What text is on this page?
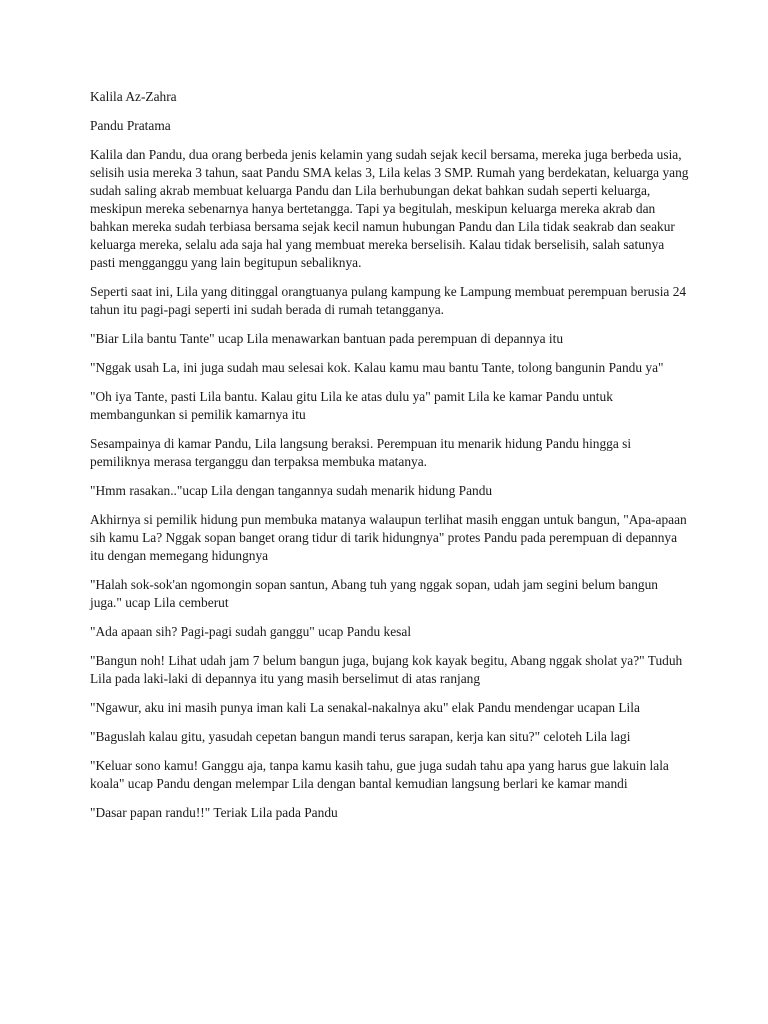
Kalila Az-Zahra

Pandu Pratama

Kalila dan Pandu, dua orang berbeda jenis kelamin yang sudah sejak kecil bersama, mereka juga berbeda usia, selisih usia mereka 3 tahun, saat Pandu SMA kelas 3, Lila kelas 3 SMP. Rumah yang berdekatan, keluarga yang sudah saling akrab membuat keluarga Pandu dan Lila berhubungan dekat bahkan sudah seperti keluarga, meskipun mereka sebenarnya hanya bertetangga. Tapi ya begitulah, meskipun keluarga mereka akrab dan bahkan mereka sudah terbiasa bersama sejak kecil namun hubungan Pandu dan Lila tidak seakrab dan seakur keluarga mereka, selalu ada saja hal yang membuat mereka berselisih. Kalau tidak berselisih, salah satunya pasti mengganggu yang lain begitupun sebaliknya.

Seperti saat ini, Lila yang ditinggal orangtuanya pulang kampung ke Lampung membuat perempuan berusia 24 tahun itu pagi-pagi seperti ini sudah berada di rumah tetangganya.

"Biar Lila bantu Tante" ucap Lila menawarkan bantuan pada perempuan di depannya itu

"Nggak usah La, ini juga sudah mau selesai kok. Kalau kamu mau bantu Tante, tolong bangunin Pandu ya"

"Oh iya Tante, pasti Lila bantu. Kalau gitu Lila ke atas dulu ya" pamit Lila ke kamar Pandu untuk membangunkan si pemilik kamarnya itu

Sesampainya di kamar Pandu, Lila langsung beraksi. Perempuan itu menarik hidung Pandu hingga si pemiliknya merasa terganggu dan terpaksa membuka matanya.

"Hmm rasakan.."ucap Lila dengan tangannya sudah menarik hidung Pandu

Akhirnya si pemilik hidung pun membuka matanya walaupun terlihat masih enggan untuk bangun, "Apa-apaan sih kamu La? Nggak sopan banget orang tidur di tarik hidungnya" protes Pandu pada perempuan di depannya itu dengan memegang hidungnya

"Halah sok-sok'an ngomongin sopan santun, Abang tuh yang nggak sopan, udah jam segini belum bangun juga." ucap Lila cemberut

"Ada apaan sih? Pagi-pagi sudah ganggu" ucap Pandu kesal

"Bangun noh! Lihat udah jam 7 belum bangun juga, bujang kok kayak begitu, Abang nggak sholat ya?" Tuduh Lila pada laki-laki di depannya itu yang masih berselimut di atas ranjang

"Ngawur, aku ini masih punya iman kali La senakal-nakalnya aku" elak Pandu mendengar ucapan Lila

"Baguslah kalau gitu, yasudah cepetan bangun mandi terus sarapan, kerja kan situ?" celoteh Lila lagi

"Keluar sono kamu! Ganggu aja, tanpa kamu kasih tahu, gue juga sudah tahu apa yang harus gue lakuin lala koala" ucap Pandu dengan melempar Lila dengan bantal kemudian langsung berlari ke kamar mandi

"Dasar papan randu!!" Teriak Lila pada Pandu
